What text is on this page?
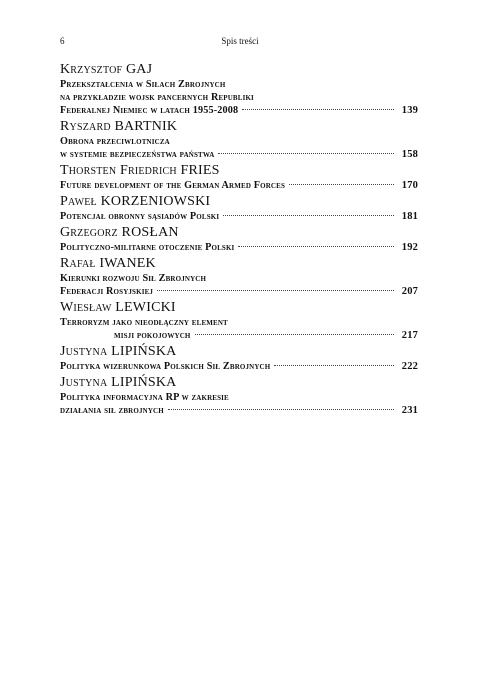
6	Spis treści
Krzysztof GAJ
Przekształcenia w Siłach Zbrojnych
na przykładzie wojsk pancernych Republiki
Federalnej Niemiec w latach 1955-2008	139
Ryszard BARTNIK
Obrona przeciwlotnicza
w systemie bezpieczeństwa państwa	158
Thorsten Friedrich FRIES
Future development of the German Armed Forces	170
Paweł KORZENIOWSKI
Potencjał obronny sąsiadów Polski	181
Grzegorz ROSŁAN
Polityczno-militarne otoczenie Polski	192
Rafał IWANEK
Kierunki rozwoju Sił Zbrojnych
Federacji Rosyjskiej	207
Wiesław LEWICKI
Terroryzm jako nieodłączny element
misji pokojowych	217
Justyna LIPIŃSKA
Polityka wizerunkowa Polskich Sił Zbrojnych	222
Justyna LIPIŃSKA
Polityka informacyjna RP w zakresie
działania sił zbrojnych	231
